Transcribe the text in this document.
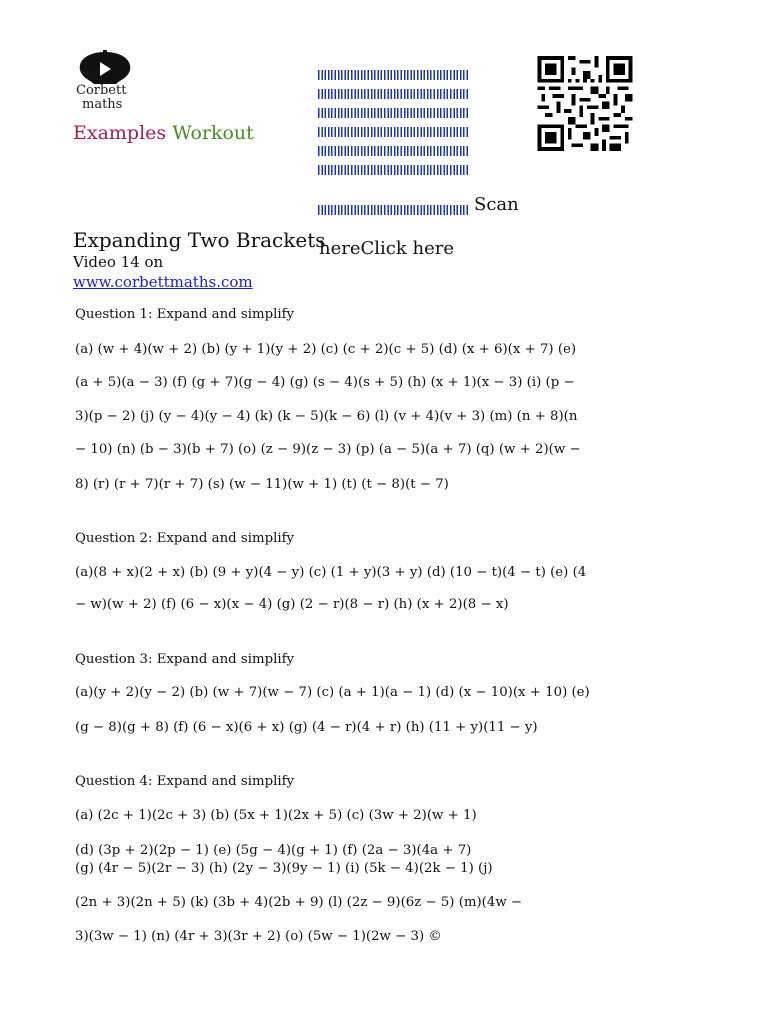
Corbett
maths
Examples Workout
Scan
hereClick here
Expanding Two Brackets
Video 14 on
www.corbettmaths.com
Question 1: Expand and simplify
(a) (w + 4)(w + 2) (b) (y + 1)(y + 2) (c) (c + 2)(c + 5) (d) (x + 6)(x + 7) (e)
(a + 5)(a − 3) (f) (g + 7)(g − 4) (g) (s − 4)(s + 5) (h) (x + 1)(x − 3) (i) (p −
3)(p − 2) (j) (y − 4)(y − 4) (k) (k − 5)(k − 6) (l) (v + 4)(v + 3) (m) (n + 8)(n
− 10) (n) (b − 3)(b + 7) (o) (z − 9)(z − 3) (p) (a − 5)(a + 7) (q) (w + 2)(w −
8) (r) (r + 7)(r + 7) (s) (w − 11)(w + 1) (t) (t − 8)(t − 7)
Question 2: Expand and simplify
(a)(8 + x)(2 + x) (b) (9 + y)(4 − y) (c) (1 + y)(3 + y) (d) (10 − t)(4 − t) (e) (4
− w)(w + 2) (f) (6 − x)(x − 4) (g) (2 − r)(8 − r) (h) (x + 2)(8 − x)
Question 3: Expand and simplify
(a)(y + 2)(y − 2) (b) (w + 7)(w − 7) (c) (a + 1)(a − 1) (d) (x − 10)(x + 10) (e)
(g − 8)(g + 8) (f) (6 − x)(6 + x) (g) (4 − r)(4 + r) (h) (11 + y)(11 − y)
Question 4: Expand and simplify
(a) (2c + 1)(2c + 3) (b) (5x + 1)(2x + 5) (c) (3w + 2)(w + 1)
(d) (3p + 2)(2p − 1) (e) (5g − 4)(g + 1) (f) (2a − 3)(4a + 7)
(g) (4r − 5)(2r − 3) (h) (2y − 3)(9y − 1) (i) (5k − 4)(2k − 1) (j)
(2n + 3)(2n + 5) (k) (3b + 4)(2b + 9) (l) (2z − 9)(6z − 5) (m)(4w −
3)(3w − 1) (n) (4r + 3)(3r + 2) (o) (5w − 1)(2w − 3) ©
